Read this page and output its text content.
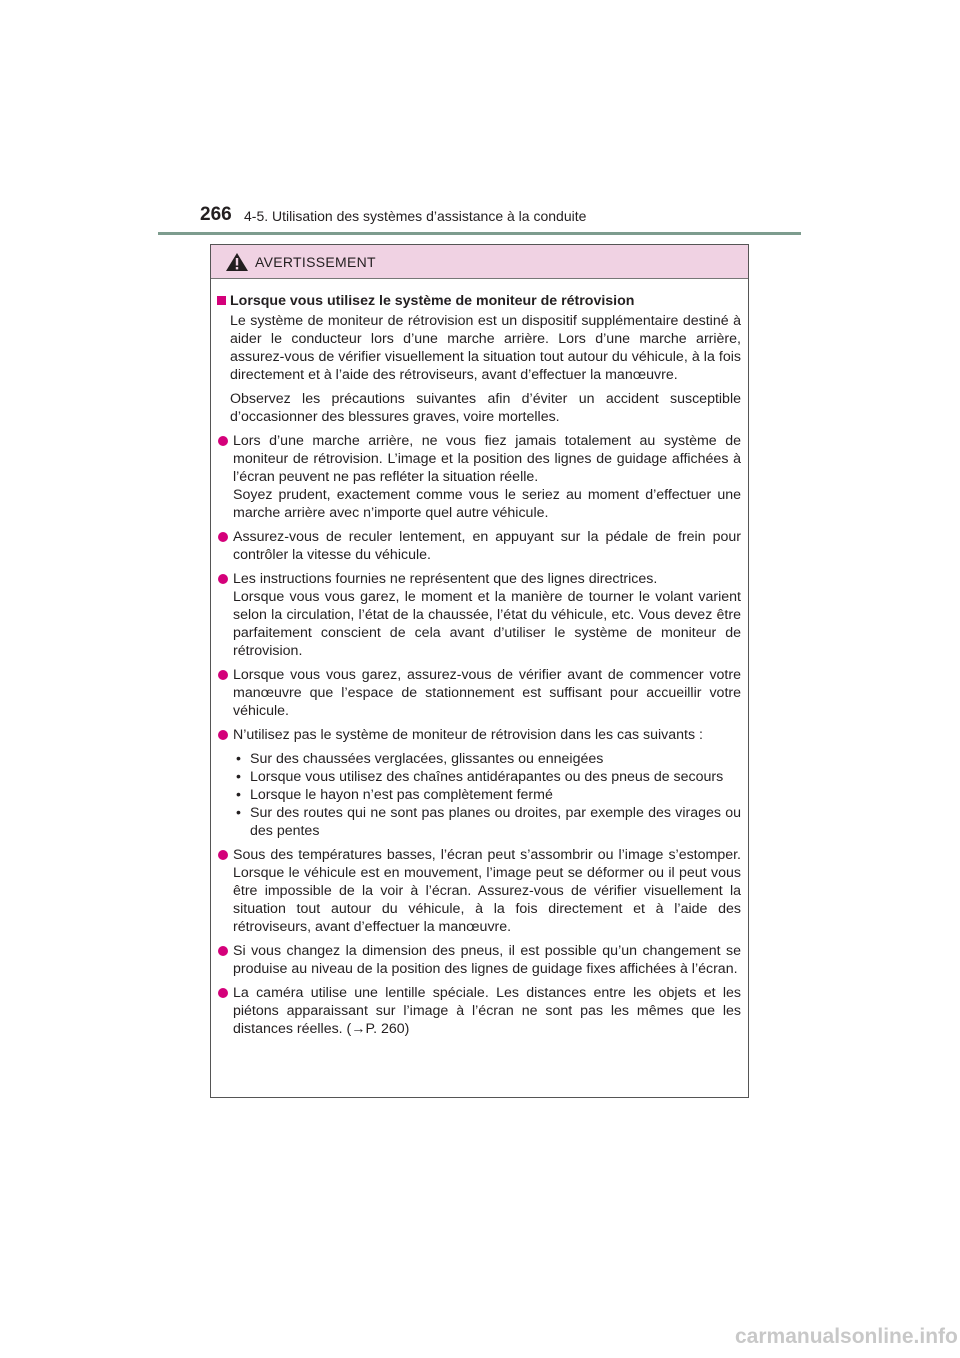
266 4-5. Utilisation des systèmes d’assistance à la conduite
AVERTISSEMENT
Lorsque vous utilisez le système de moniteur de rétrovision

Le système de moniteur de rétrovision est un dispositif supplémentaire destiné à aider le conducteur lors d’une marche arrière. Lors d’une marche arrière, assurez-vous de vérifier visuellement la situation tout autour du véhicule, à la fois directement et à l’aide des rétroviseurs, avant d’effectuer la manœuvre.

Observez les précautions suivantes afin d’éviter un accident susceptible d’occasionner des blessures graves, voire mortelles.

Lors d’une marche arrière, ne vous fiez jamais totalement au système de moniteur de rétrovision. L’image et la position des lignes de guidage affichées à l’écran peuvent ne pas refléter la situation réelle.
Soyez prudent, exactement comme vous le seriez au moment d’effectuer une marche arrière avec n’importe quel autre véhicule.
Assurez-vous de reculer lentement, en appuyant sur la pédale de frein pour contrôler la vitesse du véhicule.
Les instructions fournies ne représentent que des lignes directrices.
Lorsque vous vous garez, le moment et la manière de tourner le volant varient selon la circulation, l’état de la chaussée, l’état du véhicule, etc. Vous devez être parfaitement conscient de cela avant d’utiliser le système de moniteur de rétrovision.
Lorsque vous vous garez, assurez-vous de vérifier avant de commencer votre manœuvre que l’espace de stationnement est suffisant pour accueillir votre véhicule.
N’utilisez pas le système de moniteur de rétrovision dans les cas suivants :
• Sur des chaussées verglacées, glissantes ou enneigées
• Lorsque vous utilisez des chaînes antidérapantes ou des pneus de secours
• Lorsque le hayon n’est pas complètement fermé
• Sur des routes qui ne sont pas planes ou droites, par exemple des virages ou des pentes
Sous des températures basses, l’écran peut s’assombrir ou l’image s’estomper. Lorsque le véhicule est en mouvement, l’image peut se déformer ou il peut vous être impossible de la voir à l’écran. Assurez-vous de vérifier visuellement la situation tout autour du véhicule, à la fois directement et à l’aide des rétroviseurs, avant d’effectuer la manœuvre.
Si vous changez la dimension des pneus, il est possible qu’un changement se produise au niveau de la position des lignes de guidage fixes affichées à l’écran.
La caméra utilise une lentille spéciale. Les distances entre les objets et les piétons apparaissant sur l’image à l’écran ne sont pas les mêmes que les distances réelles. (→P. 260)
carmanualsonline.info
